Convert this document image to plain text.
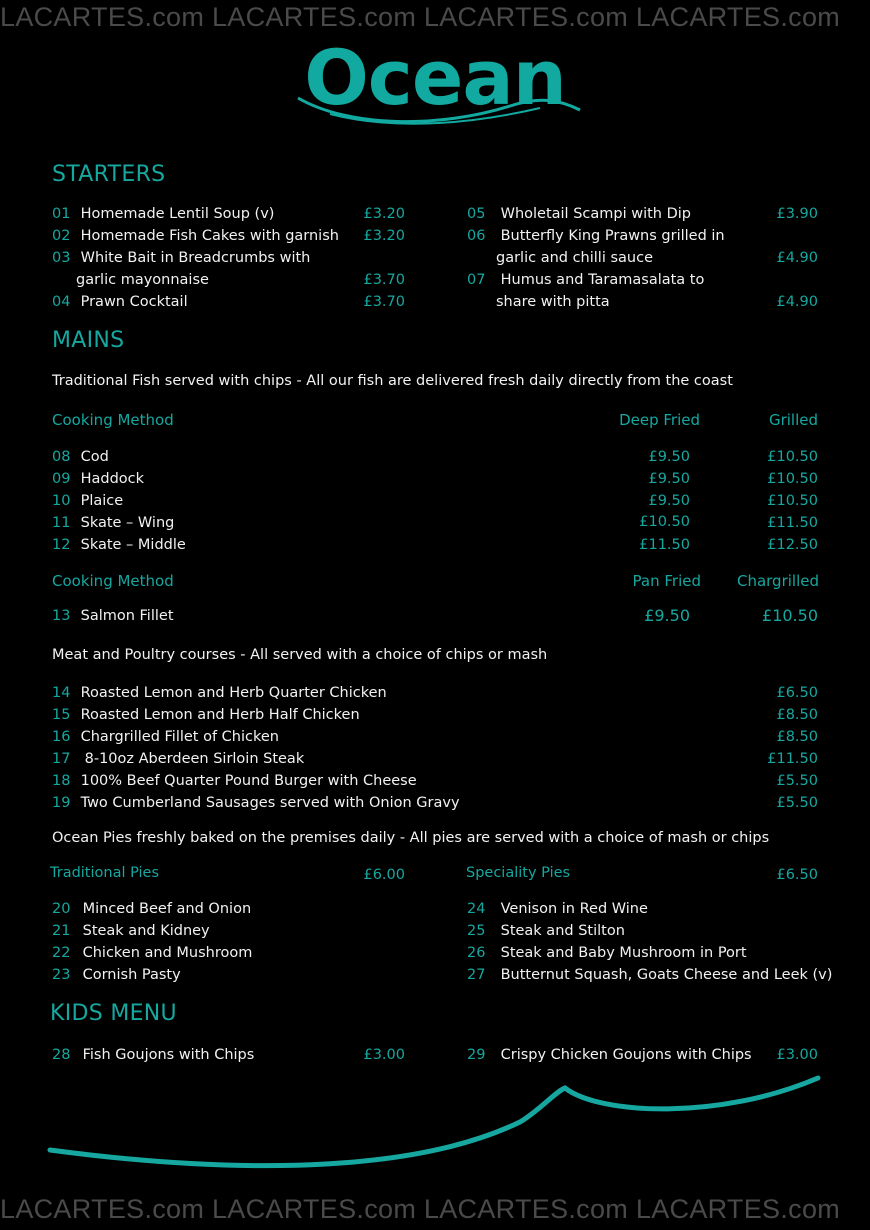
LACARTES.com LACARTES.com LACARTES.com LACARTES.com
LACARTES.com LACARTES.com LACARTES.com LACARTES.com
Ocean
STARTERS
01 Homemade Lentil Soup (v)	£3.20
02 Homemade Fish Cakes with garnish	£3.20
03 White Bait in Breadcrumbs with
garlic mayonnaise	£3.70
04 Prawn Cocktail	£3.70
05 Wholetail Scampi with Dip	£3.90
06 Butterfly King Prawns grilled in
garlic and chilli sauce	£4.90
07 Humus and Taramasalata to
share with pitta	£4.90
MAINS
Traditional Fish served with chips - All our fish are delivered fresh daily directly from the coast
Cooking Method	Deep Fried	Grilled
08 Cod	£9.50	£10.50
09 Haddock	£9.50	£10.50
10 Plaice	£9.50	£10.50
11 Skate – Wing	£10.50	£11.50
12 Skate – Middle	£11.50	£12.50
Cooking Method	Pan Fried	Chargrilled
13 Salmon Fillet	£9.50	£10.50
Meat and Poultry courses - All served with a choice of chips or mash
14 Roasted Lemon and Herb Quarter Chicken	£6.50
15 Roasted Lemon and Herb Half Chicken	£8.50
16 Chargrilled Fillet of Chicken	£8.50
17 8-10oz Aberdeen Sirloin Steak	£11.50
18 100% Beef Quarter Pound Burger with Cheese	£5.50
19 Two Cumberland Sausages served with Onion Gravy	£5.50
Ocean Pies freshly baked on the premises daily - All pies are served with a choice of mash or chips
Traditional Pies	£6.00	Speciality Pies	£6.50
20 Minced Beef and Onion
21 Steak and Kidney
22 Chicken and Mushroom
23 Cornish Pasty
24 Venison in Red Wine
25 Steak and Stilton
26 Steak and Baby Mushroom in Port
27 Butternut Squash, Goats Cheese and Leek (v)
KIDS MENU
28 Fish Goujons with Chips	£3.00	29 Crispy Chicken Goujons with Chips	£3.00
